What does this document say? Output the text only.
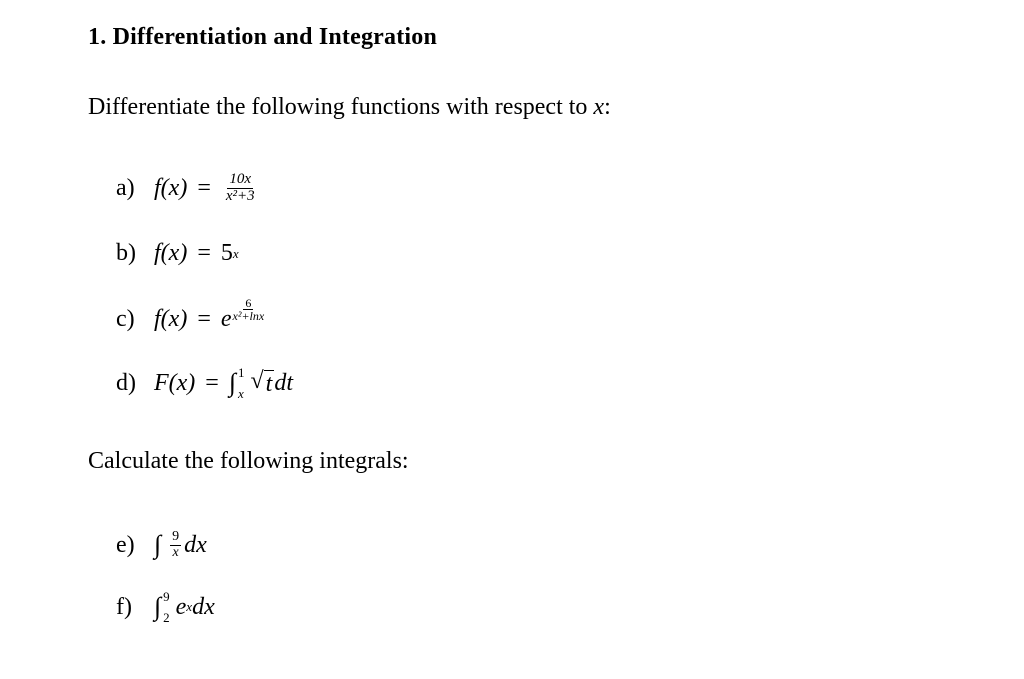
1. Differentiation and Integration
Differentiate the following functions with respect to x:
a) $f(x) = \frac{10x}{\text{x²+3}}$
b) f(x) = 5 x
c) f(x) = e $\frac{6}{\text{x²+lnx}}$
d) F(x) = ∫ 1
x √ t dt
Calculate the following integrals:
e) ∫ $\frac{9}{x}$ dx
f) ∫ 9
2 e x dx
